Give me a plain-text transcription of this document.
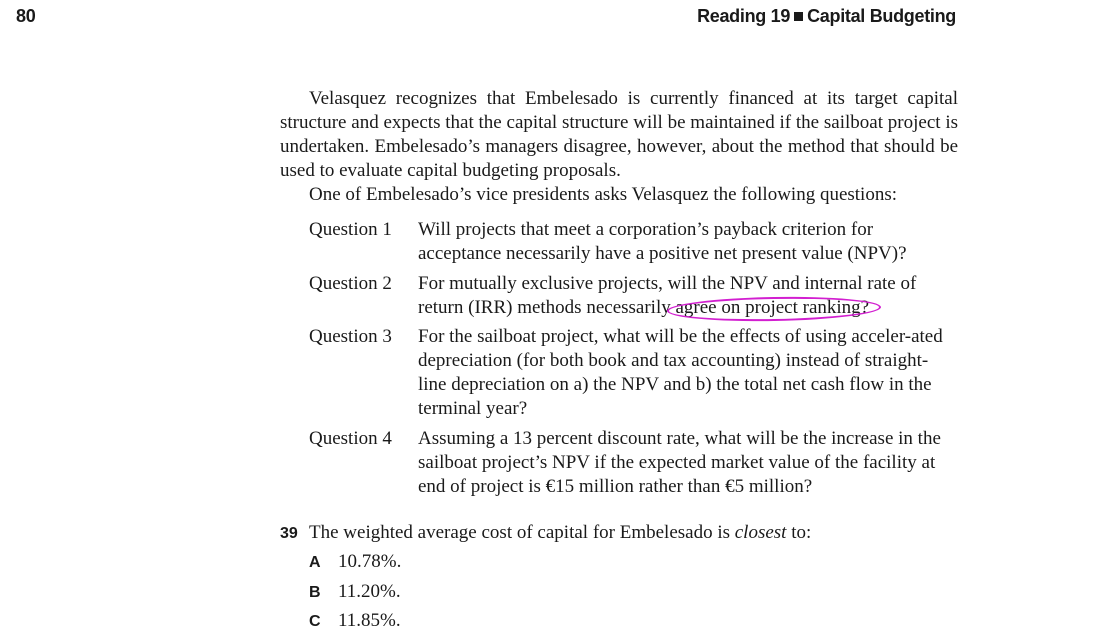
80	Reading 19 Capital Budgeting
Velasquez recognizes that Embelesado is currently financed at its target capital structure and expects that the capital structure will be maintained if the sailboat project is undertaken. Embelesado’s managers disagree, however, about the method that should be used to evaluate capital budgeting proposals.
One of Embelesado’s vice presidents asks Velasquez the following questions:
Question 1 Will projects that meet a corporation’s payback criterion for acceptance necessarily have a positive net present value (NPV)?
Question 2 For mutually exclusive projects, will the NPV and internal rate of return (IRR) methods necessarily agree on project ranking?
Question 3 For the sailboat project, what will be the effects of using acceler-ated depreciation (for both book and tax accounting) instead of straight-line depreciation on a) the NPV and b) the total net cash flow in the terminal year?
Question 4 Assuming a 13 percent discount rate, what will be the increase in the sailboat project’s NPV if the expected market value of the facility at end of project is €15 million rather than €5 million?
39 The weighted average cost of capital for Embelesado is closest to:
A 10.78%.
B 11.20%.
C 11.85%.
